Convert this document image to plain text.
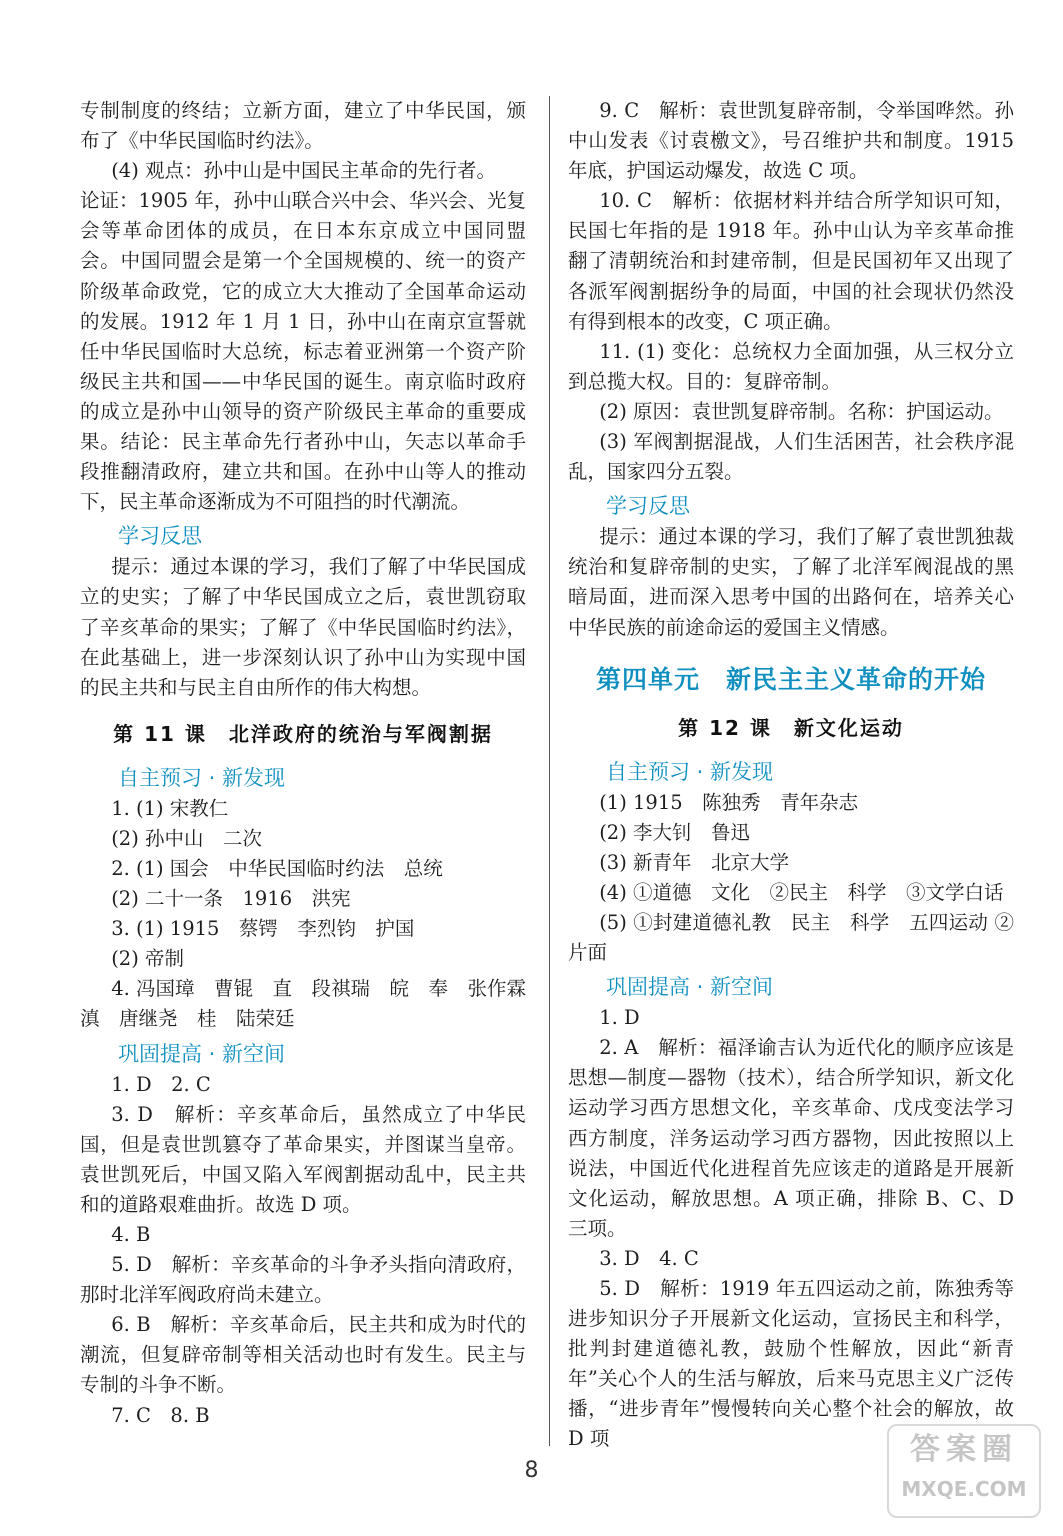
专制制度的终结；立新方面，建立了中华民国，颁布了《中华民国临时约法》。

(4) 观点：孙中山是中国民主革命的先行者。

论证：1905 年，孙中山联合兴中会、华兴会、光复会等革命团体的成员，在日本东京成立中国同盟会。中国同盟会是第一个全国规模的、统一的资产阶级革命政党，它的成立大大推动了全国革命运动的发展。1912 年 1 月 1 日，孙中山在南京宣誓就任中华民国临时大总统，标志着亚洲第一个资产阶级民主共和国——中华民国的诞生。南京临时政府的成立是孙中山领导的资产阶级民主革命的重要成果。结论：民主革命先行者孙中山，矢志以革命手段推翻清政府，建立共和国。在孙中山等人的推动下，民主革命逐渐成为不可阻挡的时代潮流。

学习反思

提示：通过本课的学习，我们了解了中华民国成立的史实；了解了中华民国成立之后，袁世凯窃取了辛亥革命的果实；了解了《中华民国临时约法》，在此基础上，进一步深刻认识了孙中山为实现中国的民主共和与民主自由所作的伟大构想。

第 11 课　北洋政府的统治与军阀割据
自主预习 · 新发现

1. (1) 宋教仁

(2) 孙中山　二次

2. (1) 国会　中华民国临时约法　总统

(2) 二十一条　1916　洪宪

3. (1) 1915　蔡锷　李烈钧　护国

(2) 帝制

4. 冯国璋　曹锟　直　段祺瑞　皖　奉　张作霖　滇　唐继尧　桂　陆荣廷

巩固提高 · 新空间

1. D　2. C

3. D　解析：辛亥革命后，虽然成立了中华民国，但是袁世凯篡夺了革命果实，并图谋当皇帝。袁世凯死后，中国又陷入军阀割据动乱中，民主共和的道路艰难曲折。故选 D 项。

4. B

5. D　解析：辛亥革命的斗争矛头指向清政府，那时北洋军阀政府尚未建立。

6. B　解析：辛亥革命后，民主共和成为时代的潮流，但复辟帝制等相关活动也时有发生。民主与专制的斗争不断。

7. C　8. B

9. C　解析：袁世凯复辟帝制，令举国哗然。孙中山发表《讨袁檄文》，号召维护共和制度。1915 年底，护国运动爆发，故选 C 项。

10. C　解析：依据材料并结合所学知识可知，民国七年指的是 1918 年。孙中山认为辛亥革命推翻了清朝统治和封建帝制，但是民国初年又出现了各派军阀割据纷争的局面，中国的社会现状仍然没有得到根本的改变，C 项正确。

11. (1) 变化：总统权力全面加强，从三权分立到总揽大权。目的：复辟帝制。

(2) 原因：袁世凯复辟帝制。名称：护国运动。

(3) 军阀割据混战，人们生活困苦，社会秩序混乱，国家四分五裂。

学习反思

提示：通过本课的学习，我们了解了袁世凯独裁统治和复辟帝制的史实，了解了北洋军阀混战的黑暗局面，进而深入思考中国的出路何在，培养关心中华民族的前途命运的爱国主义情感。

第四单元　新民主主义革命的开始
第 12 课　新文化运动
自主预习 · 新发现

(1) 1915　陈独秀　青年杂志

(2) 李大钊　鲁迅

(3) 新青年　北京大学

(4) ①道德　文化　②民主　科学　③文学白话

(5) ①封建道德礼教　民主　科学　五四运动 ②片面

巩固提高 · 新空间

1. D

2. A　解析：福泽谕吉认为近代化的顺序应该是思想—制度—器物（技术），结合所学知识，新文化运动学习西方思想文化，辛亥革命、戊戌变法学习西方制度，洋务运动学习西方器物，因此按照以上说法，中国近代化进程首先应该走的道路是开展新文化运动，解放思想。A 项正确，排除 B、C、D 三项。

3. D　4. C

5. D　解析：1919 年五四运动之前，陈独秀等进步知识分子开展新文化运动，宣扬民主和科学，批判封建道德礼教，鼓励个性解放，因此“新青年”关心个人的生活与解放，后来马克思主义广泛传播，“进步青年”慢慢转向关心整个社会的解放，故 D 项

8
答案圈
MXQE.COM
